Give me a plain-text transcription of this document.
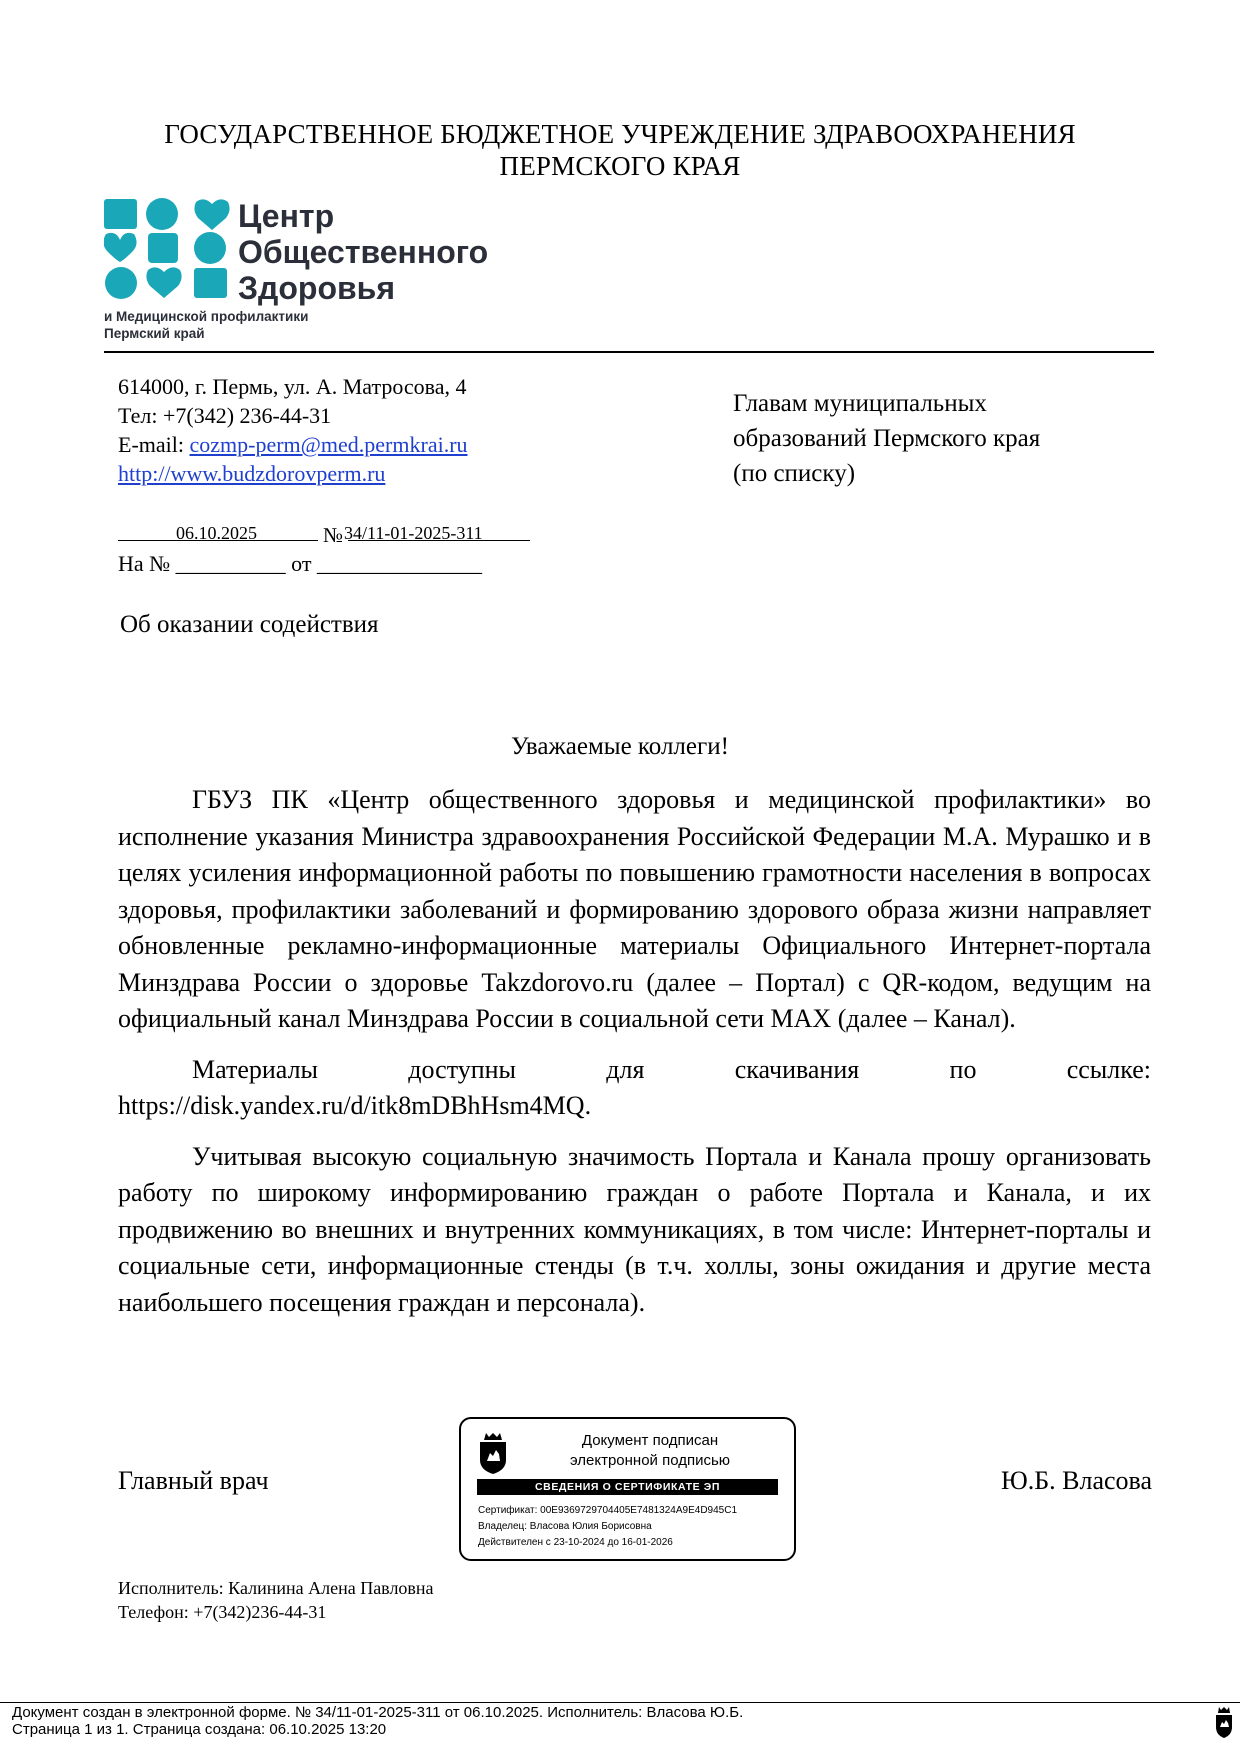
ГОСУДАРСТВЕННОЕ БЮДЖЕТНОЕ УЧРЕЖДЕНИЕ ЗДРАВООХРАНЕНИЯ
ПЕРМСКОГО КРАЯ
Центр
Общественного
Здоровья
и Медицинской профилактики
Пермский край
614000, г. Пермь, ул. А. Матросова, 4
Тел: +7(342) 236-44-31
E-mail: cozmp-perm@med.permkrai.ru
http://www.budzdorovperm.ru
Главам муниципальных
образований Пермского края
(по списку)
06.10.2025	№ 34/11-01-2025-311
На № __________ от _______________
Об оказании содействия
Уважаемые коллеги!

ГБУЗ ПК «Центр общественного здоровья и медицинской профилактики» во исполнение указания Министра здравоохранения Российской Федерации М.А. Мурашко и в целях усиления информационной работы по повышению грамотности населения в вопросах здоровья, профилактики заболеваний и формированию здорового образа жизни направляет обновленные рекламно-информационные материалы Официального Интернет-портала Минздрава России о здоровье Takzdorovo.ru (далее – Портал) с QR-кодом, ведущим на официальный канал Минздрава России в социальной сети MAX (далее – Канал).

Материалы доступны для скачивания по ссылке:

https://disk.yandex.ru/d/itk8mDBhHsm4MQ.

Учитывая высокую социальную значимость Портала и Канала прошу организовать работу по широкому информированию граждан о работе Портала и Канала, и их продвижению во внешних и внутренних коммуникациях, в том числе: Интернет-порталы и социальные сети, информационные стенды (в т.ч. холлы, зоны ожидания и другие места наибольшего посещения граждан и персонала).

Главный врач	Ю.Б. Власова
Документ подписан
электронной подписью
СВЕДЕНИЯ О СЕРТИФИКАТЕ ЭП
Сертификат: 00E9369729704405E7481324A9E4D945C1
Владелец: Власова Юлия Борисовна
Действителен с 23-10-2024 до 16-01-2026
Исполнитель: Калинина Алена Павловна
Телефон: +7(342)236-44-31
Документ создан в электронной форме. № 34/11-01-2025-311 от 06.10.2025. Исполнитель: Власова Ю.Б.
Страница 1 из 1. Страница создана: 06.10.2025 13:20
